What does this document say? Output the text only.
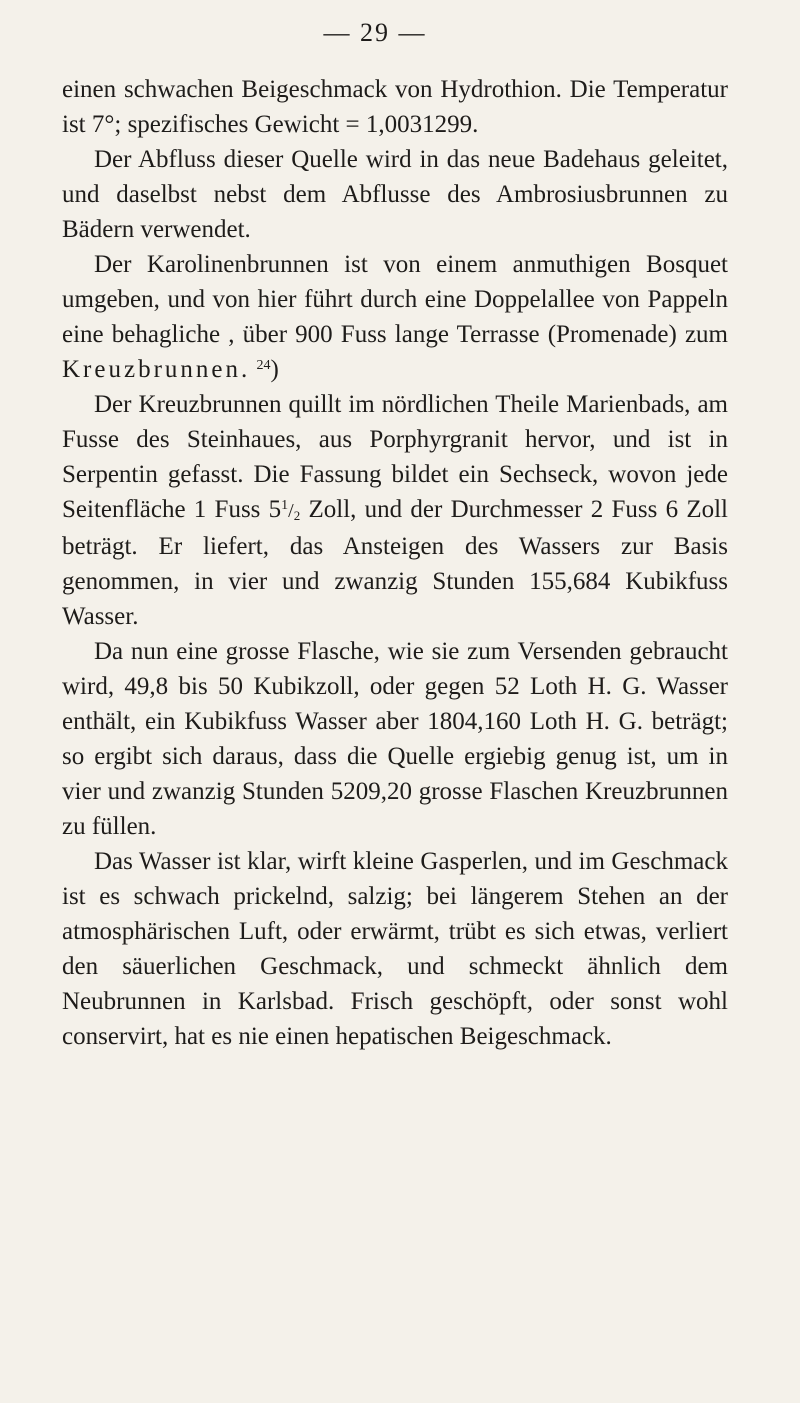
— 29 —

einen schwachen Beigeschmack von Hydrothion. Die Temperatur ist 7°; spezifisches Gewicht = 1,0031299.

Der Abfluss dieser Quelle wird in das neue Badehaus geleitet, und daselbst nebst dem Abflusse des Ambrosiusbrunnen zu Bädern verwendet.

Der Karolinenbrunnen ist von einem anmuthigen Bosquet umgeben, und von hier führt durch eine Doppelallee von Pappeln eine behagliche , über 900 Fuss lange Terrasse (Promenade) zum Kreuzbrunnen. $^{24}$)

Der Kreuzbrunnen quillt im nördlichen Theile Marienbads, am Fusse des Steinhaues, aus Porphyrgranit hervor, und ist in Serpentin gefasst. Die Fassung bildet ein Sechseck, wovon jede Seitenfläche 1 Fuss $5^1/_2$ Zoll, und der Durchmesser 2 Fuss 6 Zoll beträgt. Er liefert, das Ansteigen des Wassers zur Basis genommen, in vier und zwanzig Stunden 155,684 Kubikfuss Wasser.

Da nun eine grosse Flasche, wie sie zum Versenden gebraucht wird, 49,8 bis 50 Kubikzoll, oder gegen 52 Loth H. G. Wasser enthält, ein Kubikfuss Wasser aber 1804,160 Loth H. G. beträgt; so ergibt sich daraus, dass die Quelle ergiebig genug ist, um in vier und zwanzig Stunden 5209,20 grosse Flaschen Kreuzbrunnen zu füllen.

Das Wasser ist klar, wirft kleine Gasperlen, und im Geschmack ist es schwach prickelnd, salzig; bei längerem Stehen an der atmosphärischen Luft, oder erwärmt, trübt es sich etwas, verliert den säuerlichen Geschmack, und schmeckt ähnlich dem Neubrunnen in Karlsbad. Frisch geschöpft, oder sonst wohl conservirt, hat es nie einen hepatischen Beigeschmack.
